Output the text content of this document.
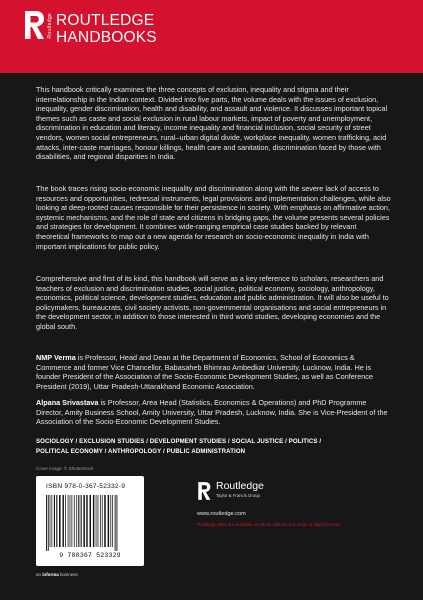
Routledge ROUTLEDGE
HANDBOOKS

This handbook critically examines the three concepts of exclusion, inequality and stigma and their interrelationship in the Indian context. Divided into five parts, the volume deals with the issues of exclusion, inequality, gender discrimination, health and disability, and assault and violence. It discusses important topical themes such as caste and social exclusion in rural labour markets, impact of poverty and unemployment, discrimination in education and literacy, income inequality and financial inclusion, social security of street vendors, women social entrepreneurs, rural–urban digital divide, workplace inequality, women trafficking, acid attacks, inter-caste marriages, honour killings, health care and sanitation, discrimination faced by those with disabilities, and regional disparities in India.

The book traces rising socio-economic inequality and discrimination along with the severe lack of access to resources and opportunities, redressal instruments, legal provisions and implementation challenges, while also looking at deep-rooted causes responsible for their persistence in society. With emphasis on affirmative action, systemic mechanisms, and the role of state and citizens in bridging gaps, the volume presents several policies and strategies for development. It combines wide-ranging empirical case studies backed by relevant theoretical frameworks to map out a new agenda for research on socio-economic inequality in India with important implications for public policy.

Comprehensive and first of its kind, this handbook will serve as a key reference to scholars, researchers and teachers of exclusion and discrimination studies, social justice, political economy, sociology, anthropology, economics, political science, development studies, education and public administration. It will also be useful to policymakers, bureaucrats, civil society activists, non-governmental organisations and social entrepreneurs in the development sector, in addition to those interested in third world studies, developing economies and the global south.

NMP Verma is Professor, Head and Dean at the Department of Economics, School of Economics & Commerce and former Vice Chancellor, Babasaheb Bhimrao Ambedkar University, Lucknow, India. He is founder President of the Association of the Socio-Economic Development Studies, as well as Conference President (2019), Uttar Pradesh-Uttarakhand Economic Association.

Alpana Srivastava is Professor, Area Head (Statistics, Economics & Operations) and PhD Programme Director, Amity Business School, Amity University, Uttar Pradesh, Lucknow, India. She is Vice-President of the Association of the Socio-Economic Development Studies.

SOCIOLOGY / EXCLUSION STUDIES / DEVELOPMENT STUDIES / SOCIAL JUSTICE / POLITICS /
POLITICAL ECONOMY / ANTHROPOLOGY / PUBLIC ADMINISTRATION
Cover image: © Shutterstock
ISBN 978-0-367-52332-9
9 780367 523329
an informa business
Routledge
Taylor & Francis Group
www.routledge.com
Routledge titles are available as eBook editions in a range of digital formats
